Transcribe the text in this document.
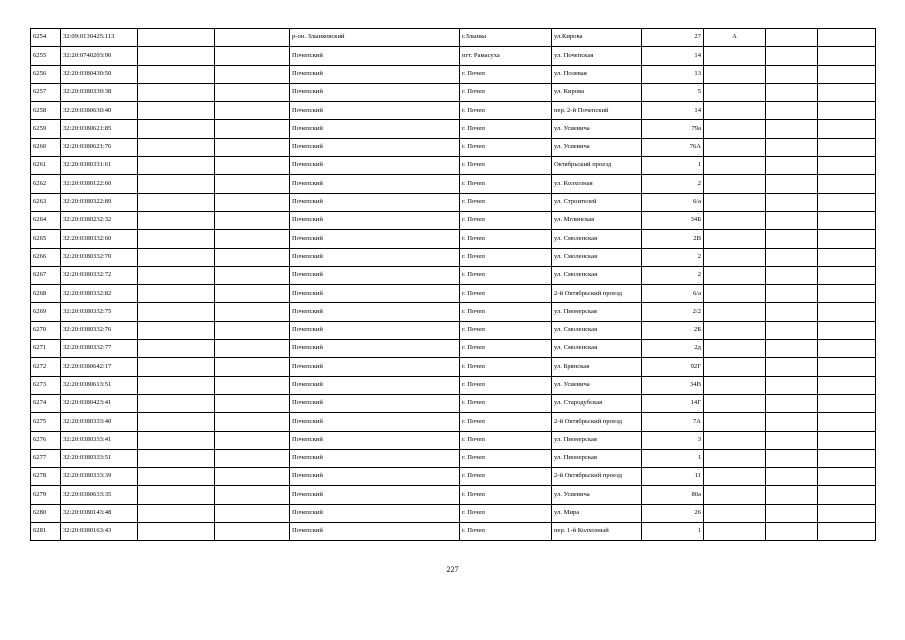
6254	32:09:0130425:113			р-он. Злынковский	г.Злынка	ул.Кирова	27	А		
6255	32:20:0740203:90			Почепский	пгт. Рамасуха	ул. Почепская	14			
6256	32:20:0380430:50			Почепский	г. Почеп	ул. Полевая	13			
6257	32:20:0380330:38			Почепский	г. Почеп	ул. Кирова	5			
6258	32:20:0380630:40			Почепский	г. Почеп	пер. 2-й Почепский	14			
6259	32:20:0380621:85			Почепский	г. Почеп	ул. Усиевича	79а			
6260	32:20:0380621:76			Почепский	г. Почеп	ул. Усиевича	76А			
6261	32:20:0380331:61			Почепский	г. Почеп	Октябрьский проезд	1			
6262	32:20:0380122:60			Почепский	г. Почеп	ул. Колхозная	2			
6263	32:20:0380322:89			Почепский	г. Почеп	ул. Строителей	6/а			
6264	32:20:0380232:32			Почепский	г. Почеп	ул. Мглинская	34Б			
6265	32:20:0380332:60			Почепский	г. Почеп	ул. Смоленская	2В			
6266	32:20:0380332:70			Почепский	г. Почеп	ул. Смоленская	2			
6267	32:20:0380332:72			Почепский	г. Почеп	ул. Смоленская	2			
6268	32:20:0380332:82			Почепский	г. Почеп	2-й Октябрьский проезд	6/а			
6269	32:20:0380332:75			Почепский	г. Почеп	ул. Пионерская	2/2			
6270	32:20:0380332:76			Почепский	г. Почеп	ул. Смоленская	2Б			
6271	32:20:0380332:77			Почепский	г. Почеп	ул. Смоленская	2д			
6272	32:20:0380642:17			Почепский	г. Почеп	ул. Брянская	92Г			
6273	32:20:0380613:51			Почепский	г. Почеп	ул. Усиевича	34В			
6274	32:20:0380423:41			Почепский	г. Почеп	ул. Стародубская	14Г			
6275	32:20:0380333:40			Почепский	г. Почеп	2-й Октябрьский проезд	7А			
6276	32:20:0380333:41			Почепский	г. Почеп	ул. Пионерская	3			
6277	32:20:0380333:51			Почепский	г. Почеп	ул. Пионерская	1			
6278	32:20:0380333:39			Почепский	г. Почеп	2-й Октябрьский проезд	11			
6279	32:20:0380633:35			Почепский	г. Почеп	ул. Усиевича	80а			
6280	32:20:0380143:48			Почепский	г. Почеп	ул. Мира	26			
6281	32:20:0380163:43			Почепский	г. Почеп	пер. 1-й Колхозный	1			
227
